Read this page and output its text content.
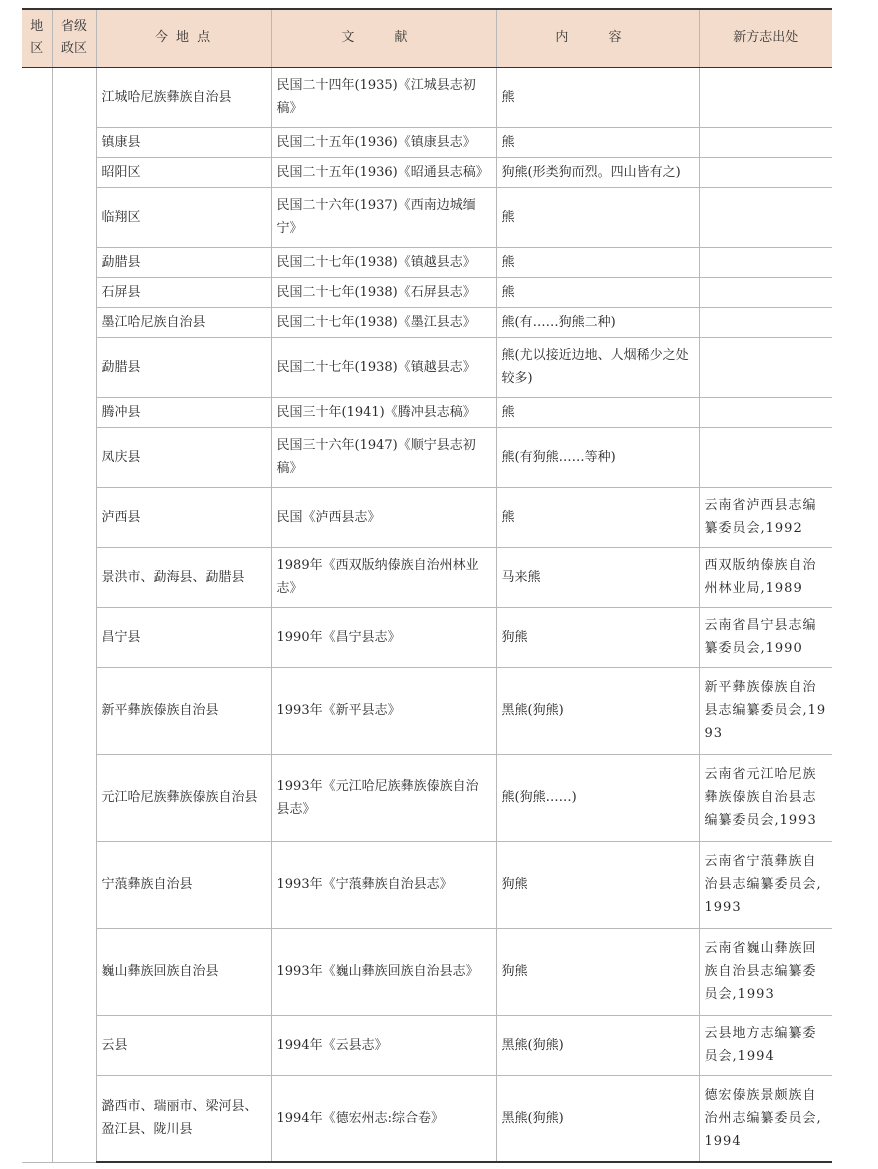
地区	省级政区	今 地 点	文 献	内 容	新方志出处
		江城哈尼族彝族自治县	民国二十四年(1935)《江城县志初稿》	熊	
		镇康县	民国二十五年(1936)《镇康县志》	熊	
		昭阳区	民国二十五年(1936)《昭通县志稿》	狗熊(形类狗而烈。四山皆有之)	
		临翔区	民国二十六年(1937)《西南边城缅宁》	熊	
		勐腊县	民国二十七年(1938)《镇越县志》	熊	
		石屏县	民国二十七年(1938)《石屏县志》	熊	
		墨江哈尼族自治县	民国二十七年(1938)《墨江县志》	熊(有……狗熊二种)	
		勐腊县	民国二十七年(1938)《镇越县志》	熊(尤以接近边地、人烟稀少之处较多)	
		腾冲县	民国三十年(1941)《腾冲县志稿》	熊	
		凤庆县	民国三十六年(1947)《顺宁县志初稿》	熊(有狗熊……等种)	
		泸西县	民国《泸西县志》	熊	云南省泸西县志编纂委员会,1992
		景洪市、勐海县、勐腊县	1989年《西双版纳傣族自治州林业志》	马来熊	西双版纳傣族自治州林业局,1989
		昌宁县	1990年《昌宁县志》	狗熊	云南省昌宁县志编纂委员会,1990
		新平彝族傣族自治县	1993年《新平县志》	黑熊(狗熊)	新平彝族傣族自治县志编纂委员会,1993
		元江哈尼族彝族傣族自治县	1993年《元江哈尼族彝族傣族自治县志》	熊(狗熊……)	云南省元江哈尼族彝族傣族自治县志编纂委员会,1993
		宁蒗彝族自治县	1993年《宁蒗彝族自治县志》	狗熊	云南省宁蒗彝族自治县志编纂委员会,1993
		巍山彝族回族自治县	1993年《巍山彝族回族自治县志》	狗熊	云南省巍山彝族回族自治县志编纂委员会,1993
		云县	1994年《云县志》	黑熊(狗熊)	云县地方志编纂委员会,1994
		潞西市、瑞丽市、梁河县、盈江县、陇川县	1994年《德宏州志:综合卷》	黑熊(狗熊)	德宏傣族景颇族自治州志编纂委员会,1994
